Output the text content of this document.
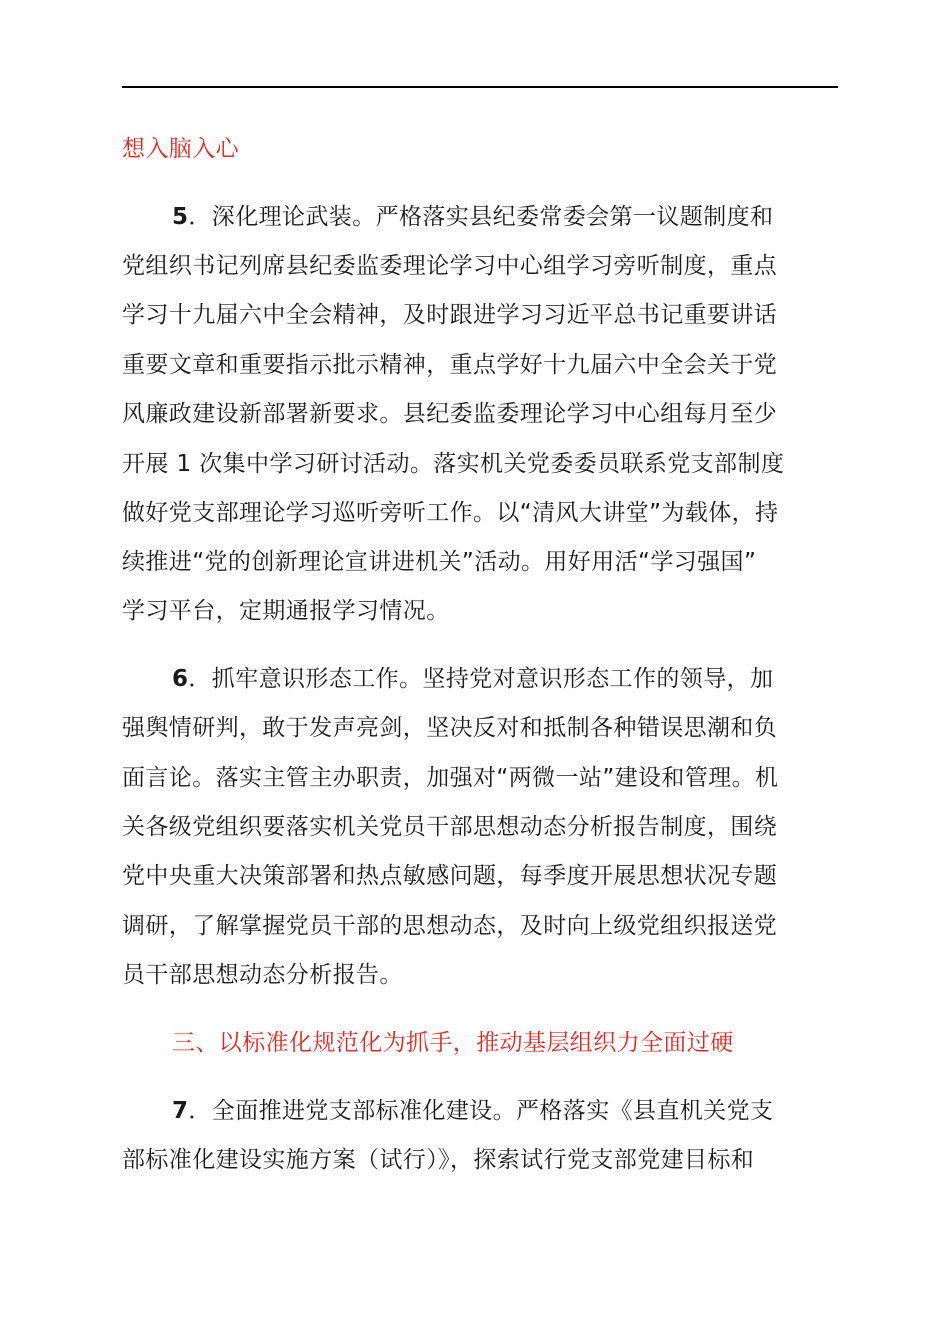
想入脑入心
5．深化理论武装。严格落实县纪委常委会第一议题制度和
党组织书记列席县纪委监委理论学习中心组学习旁听制度，重点
学习十九届六中全会精神，及时跟进学习习近平总书记重要讲话
重要文章和重要指示批示精神，重点学好十九届六中全会关于党
风廉政建设新部署新要求。县纪委监委理论学习中心组每月至少
开展 1 次集中学习研讨活动。落实机关党委委员联系党支部制度
做好党支部理论学习巡听旁听工作。以“清风大讲堂”为载体，持
续推进“党的创新理论宣讲进机关”活动。用好用活“学习强国”
学习平台，定期通报学习情况。
6．抓牢意识形态工作。坚持党对意识形态工作的领导，加
强舆情研判，敢于发声亮剑，坚决反对和抵制各种错误思潮和负
面言论。落实主管主办职责，加强对“两微一站”建设和管理。机
关各级党组织要落实机关党员干部思想动态分析报告制度，围绕
党中央重大决策部署和热点敏感问题，每季度开展思想状况专题
调研，了解掌握党员干部的思想动态，及时向上级党组织报送党
员干部思想动态分析报告。
三、以标准化规范化为抓手，推动基层组织力全面过硬
7．全面推进党支部标准化建设。严格落实《县直机关党支
部标准化建设实施方案（试行）》，探索试行党支部党建目标和
